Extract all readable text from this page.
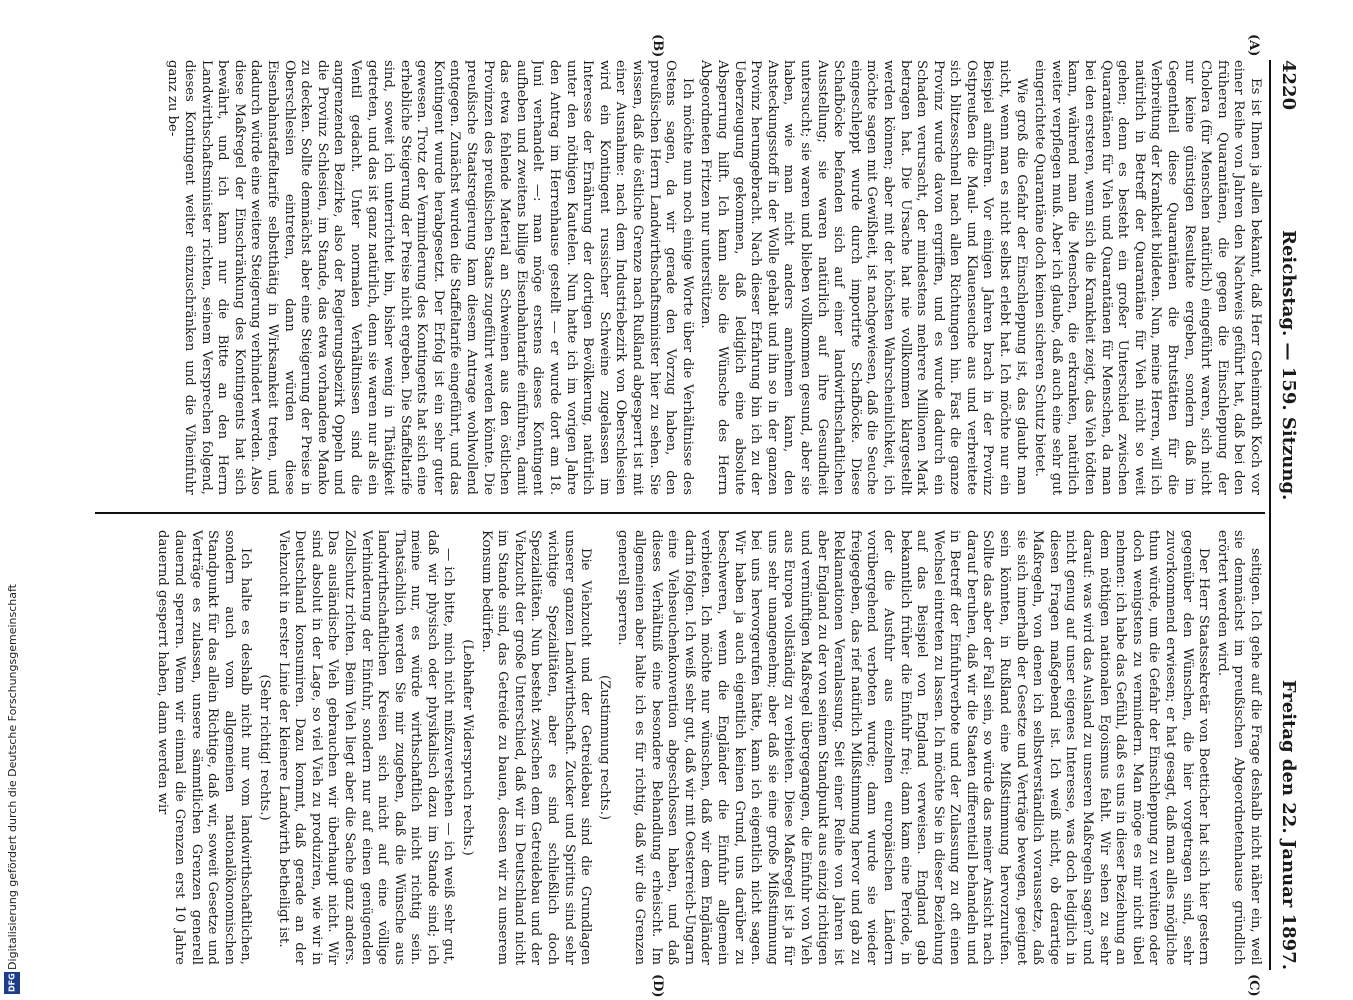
Digitalisierung gefördert durch die Deutsche Forschungsgemeinschaft
DFG
4220
Reichstag. — 159. Sitzung.
Freitag den 22. Januar 1897.

Es ist Ihnen ja allen bekannt, daß Herr Geheimrath Koch vor einer Reihe von Jahren den Nachweis geführt hat, daß bei den früheren Quarantänen, die gegen die Einschleppung der Cholera (für Menschen natürlich) eingeführt waren, sich nicht nur keine günstigen Resultate ergeben, sondern daß im Gegentheil diese Quarantänen die Brutstätten für die Verbreitung der Krankheit bildeten. Nun, meine Herren, will ich natürlich in Betreff der Quarantäne für Vieh nicht so weit gehen; denn es besteht ein großer Unterschied zwischen Quarantänen für Vieh und Quarantänen für Menschen, da man bei den ersteren, wenn sich die Krankheit zeigt, das Vieh tödten kann, während man die Menschen, die erkranken, natürlich weiter verpflegen muß. Aber ich glaube, daß auch eine sehr gut eingerichtete Quarantäne doch keinen sicheren Schutz bietet.

Wie groß die Gefahr der Einschleppung ist, das glaubt man nicht, wenn man es nicht selbst erlebt hat. Ich möchte nur ein Beispiel anführen. Vor einigen Jahren brach in der Provinz Ostpreußen die Maul- und Klauenseuche aus und verbreitete sich blitzesschnell nach allen Richtungen hin. Fast die ganze Provinz wurde davon ergriffen, und es wurde dadurch ein Schaden verursacht, der mindestens mehrere Millionen Mark betragen hat. Die Ursache hat nie vollkommen klargestellt werden können; aber mit der höchsten Wahrscheinlichkeit, ich möchte sagen mit Gewißheit, ist nachgewiesen, daß die Seuche eingeschleppt wurde durch importirte Schafböcke. Diese Schafböcke befanden sich auf einer landwirthschaftlichen Ausstellung; sie waren natürlich auf ihre Gesundheit untersucht; sie waren und blieben vollkommen gesund, aber sie haben, wie man nicht anders annehmen kann, den Ansteckungsstoff in der Wolle gehabt und ihn so in der ganzen Provinz herumgebracht. Nach dieser Erfahrung bin ich zu der Ueberzeugung gekommen, daß lediglich eine absolute Absperrung hilft. Ich kann also die Wünsche des Herrn Abgeordneten Fritzen nur unterstützen.

Ich möchte nun noch einige Worte über die Verhältnisse des Ostens sagen, da wir gerade den Vorzug haben, den preußischen Herrn Landwirthschaftsminister hier zu sehen. Sie wissen, daß die östliche Grenze nach Rußland abgesperrt ist mit einer Ausnahme: nach dem Industriebezirk von Oberschlesien wird ein Kontingent russischer Schweine zugelassen im Interesse der Ernährung der dortigen Bevölkerung, natürlich unter den nöthigen Kautelen. Nun hatte ich im vorigen Jahre den Antrag im Herrenhause gestellt — er wurde dort am 18. Juni verhandelt —: man möge erstens dieses Kontingent aufheben und zweitens billige Eisenbahntarife einführen, damit das etwa fehlende Material an Schweinen aus den östlichen Provinzen des preußischen Staats zugeführt werden könnte. Die preußische Staatsregierung kam diesem Antrage wohlwollend entgegen. Zunächst wurden die Staffeltarife eingeführt, und das Kontingent wurde herabgesetzt. Der Erfolg ist ein sehr guter gewesen. Trotz der Verminderung des Kontingents hat sich eine erhebliche Steigerung der Preise nicht ergeben. Die Staffeltarife sind, soweit ich unterrichtet bin, bisher wenig in Thätigkeit getreten, und das ist ganz natürlich, denn sie waren nur als ein Ventil gedacht. Unter normalen Verhältnissen sind die angrenzenden Bezirke, also der Regierungsbezirk Oppeln und die Provinz Schlesien, im Stande, das etwa vorhandene Manko zu decken. Sollte demnächst aber eine Steigerung der Preise in Oberschlesien eintreten, dann würden diese Eisenbahnstaffeltarife selbstthätig in Wirksamkeit treten, und dadurch würde eine weitere Steigerung verhindert werden. Also diese Maßregel der Einschränkung des Kontingents hat sich bewährt, und ich kann nur die Bitte an den Herrn Landwirthschaftsminister richten, seinem Versprechen folgend, dieses Kontingent weiter einzuschränken und die Viheinfuhr ganz zu be-

seitigen. Ich gehe auf die Frage deshalb nicht näher ein, weil sie demnächst im preußischen Abgeordnetenhause gründlich erörtert werden wird.

Der Herr Staatssekretär von Boetticher hat sich hier gestern gegenüber den Wünschen, die hier vorgetragen sind, sehr zuvorkommend erwiesen; er hat gesagt, daß man alles mögliche thun würde, um die Gefahr der Einschleppung zu verhüten oder doch wenigstens zu vermindern. Man möge es mir nicht übel nehmen: ich habe das Gefühl, daß es uns in dieser Beziehung an dem nöthigen nationalen Egoismus fehlt. Wir sehen zu sehr darauf: was wird das Ausland zu unseren Maßregeln sagen? und nicht genug auf unser eigenes Interesse, was doch lediglich in diesen Fragen maßgebend ist. Ich weiß nicht, ob derartige Maßregeln, von denen ich selbstverständlich voraussetze, daß sie sich innerhalb der Gesetze und Verträge bewegen, geeignet sein könnten, in Rußland eine Mißstimmung hervorzurufen. Sollte das aber der Fall sein, so würde das meiner Ansicht nach darauf beruhen, daß wir die Staaten differentiell behandeln und in Betreff der Einfuhrverbote und der Zulassung zu oft einen Wechsel eintreten zu lassen. Ich möchte Sie in dieser Beziehung auf das Beispiel von England verweisen. England gab bekanntlich früher die Einfuhr frei; dann kam eine Periode, in der die Ausfuhr aus einzelnen europäischen Ländern vorübergehend verboten wurde; dann wurde sie wieder freigegeben, das rief natürlich Mißstimmung hervor und gab zu Reklamationen Veranlassung. Seit einer Reihe von Jahren ist aber England zu der von seinem Standpunkt aus einzig richtigen und vernünftigen Maßregel übergegangen, die Einfuhr von Vieh aus Europa vollständig zu verbieten. Diese Maßregel ist ja für uns sehr unangenehm; aber daß sie eine große Mißstimmung bei uns hervorgerufen hätte, kann ich eigentlich nicht sagen. Wir haben ja auch eigentlich keinen Grund, uns darüber zu beschweren, wenn die Engländer die Einfuhr allgemein verbieten. Ich möchte nur wünschen, daß wir dem Engländer darin folgen. Ich weiß sehr gut, daß wir mit Oesterreich-Ungarn eine Viehseuchenkonvention abgeschlossen haben, und daß dieses Verhältniß eine besondere Behandlung erheischt. Im allgemeinen aber halte ich es für richtig, daß wir die Grenzen generell sperren.

(Zustimmung rechts.)

Die Viehzucht und der Getreidebau sind die Grundlagen unserer ganzen Landwirthschaft. Zucker und Spiritus sind sehr wichtige Spezialitäten, aber es sind schließlich doch Spezialitäten. Nun besteht zwischen dem Getreidebau und der Viehzucht der große Unterschied, daß wir in Deutschland nicht im Stande sind, das Getreide zu bauen, dessen wir zu unserem Konsum bedürfen.

(Lebhafter Widerspruch rechts.)

— ich bitte, mich nicht mißzuverstehen — ich weiß sehr gut, daß wir physisch oder physikalisch dazu im Stande sind; ich meine nur, es würde wirthschaftlich nicht richtig sein. Thatsächlich werden Sie mir zugeben, daß die Wünsche aus landwirthschaftlichen Kreisen sich nicht auf eine völlige Verhinderung der Einfuhr, sondern nur auf einen genügenden Zollschutz richten. Beim Vieh liegt aber die Sache ganz anders. Das ausländische Vieh gebrauchen wir überhaupt nicht. Wir sind absolut in der Lage, so viel Vieh zu produziren, wie wir in Deutschland konsumiren. Dazu kommt, daß gerade an der Viehzucht in erster Linie der kleinere Landwirth betheiligt ist.

(Sehr richtig! rechts.)

Ich halte es deshalb nicht nur vom landwirthschaftlichen, sondern auch vom allgemeinen nationalökonomischen Standpunkt für das allein Richtige, daß wir, soweit Gesetze und Verträge es zulassen, unsere sämmtlichen Grenzen generell dauernd sperren. Wenn wir einmal die Grenzen erst 10 Jahre dauernd gesperrt haben, dann werden wir

(A)
(B)
(C)
(D)
